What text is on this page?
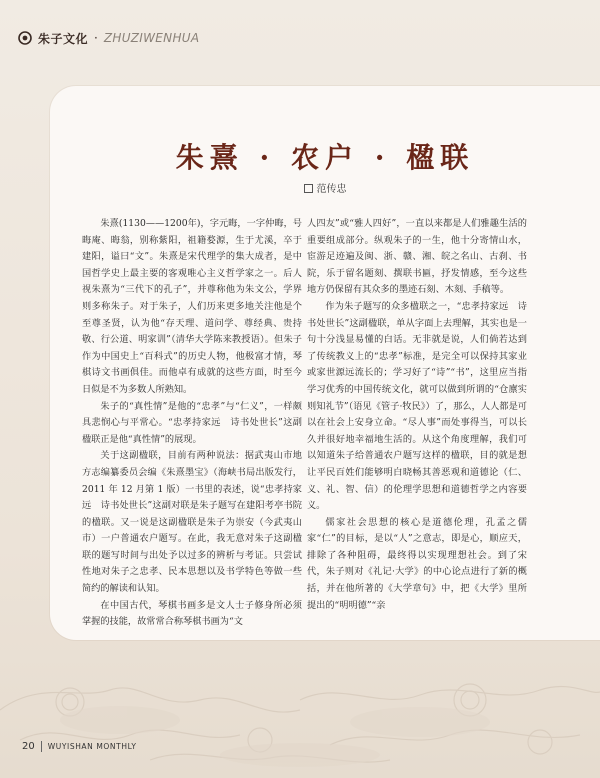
朱子文化 · ZHUZIWENHUA
朱熹 · 农户 · 楹联
范传忠

朱熹(1130——1200年)，字元晦，一字仲晦，号晦庵、晦翁，别称紫阳，祖籍婺源，生于尤溪，卒于建阳，谥曰“文”。朱熹是宋代理学的集大成者，是中国哲学史上最主要的客观唯心主义哲学家之一。后人视朱熹为“三代下的孔子”，并尊称他为朱文公，学界则多称朱子。对于朱子，人们历来更多地关注他是个至尊圣贤，认为他“存天理、道问学、尊经典、贵持敬、行公道、明家训”（清华大学陈来教授语）。但朱子作为中国史上“百科式”的历史人物，他极富才情，琴棋诗文书画俱佳。而他卓有成就的这些方面，时至今日似是不为多数人所熟知。

朱子的“真性情”是他的“忠孝”与“仁义”，一样颇具悲悯心与平常心。“忠孝持家远　诗书处世长”这副楹联正是他“真性情”的展现。

关于这副楹联，目前有两种说法：据武夷山市地方志编纂委员会编《朱熹墨宝》（海峡书局出版发行，2011 年 12 月第 1 版）一书里的表述，说“忠孝持家远　诗书处世长”这副对联是朱子题写在建阳考亭书院的楹联。又一说是这副楹联是朱子为崇安（今武夷山市）一户普通农户题写。在此，我无意对朱子这副楹联的题写时间与出处予以过多的辨析与考证。只尝试性地对朱子之忠孝、民本思想以及书学特色等做一些简约的解读和认知。

在中国古代，琴棋书画多是文人士子修身所必须掌握的技能，故常常合称琴棋书画为“文

人四友”或“雅人四好”，一直以来都是人们雅趣生活的重要组成部分。纵观朱子的一生，他十分寄情山水，宦游足迹遍及闽、浙、赣、湘、皖之名山、古刹、书院，乐于留名题刻、撰联书匾，抒发情感，至今这些地方仍保留有其众多的墨迹石刻、木刻、手稿等。

作为朱子题写的众多楹联之一，“忠孝持家远　诗书处世长”这副楹联，单从字面上去理解，其实也是一句十分浅显易懂的白话。无非就是说，人们倘若达到了传统教义上的“忠孝”标准，是完全可以保持其家业或家世源远流长的；学习好了“诗”“书”，这里应当指学习优秀的中国传统文化，就可以做到所谓的“仓廪实则知礼节”（语见《管子·牧民》）了，那么，人人都是可以在社会上安身立命。“尽人事”而处事得当，可以长久并很好地幸福地生活的。从这个角度理解，我们可以知道朱子给普通农户题写这样的楹联，目的就是想让平民百姓们能够明白晓畅其善恶观和道德论（仁、义、礼、智、信）的伦理学思想和道德哲学之内容要义。

儒家社会思想的核心是道德伦理，孔孟之儒家“仁”的目标，是以“人”之意志，即是心，顺应天，排除了各种阻碍，最终得以实现理想社会。到了宋代，朱子则对《礼记·大学》的中心论点进行了新的概括，并在他所著的《大学章句》中，把《大学》里所提出的“明明德”“亲

20 WUYISHAN MONTHLY
